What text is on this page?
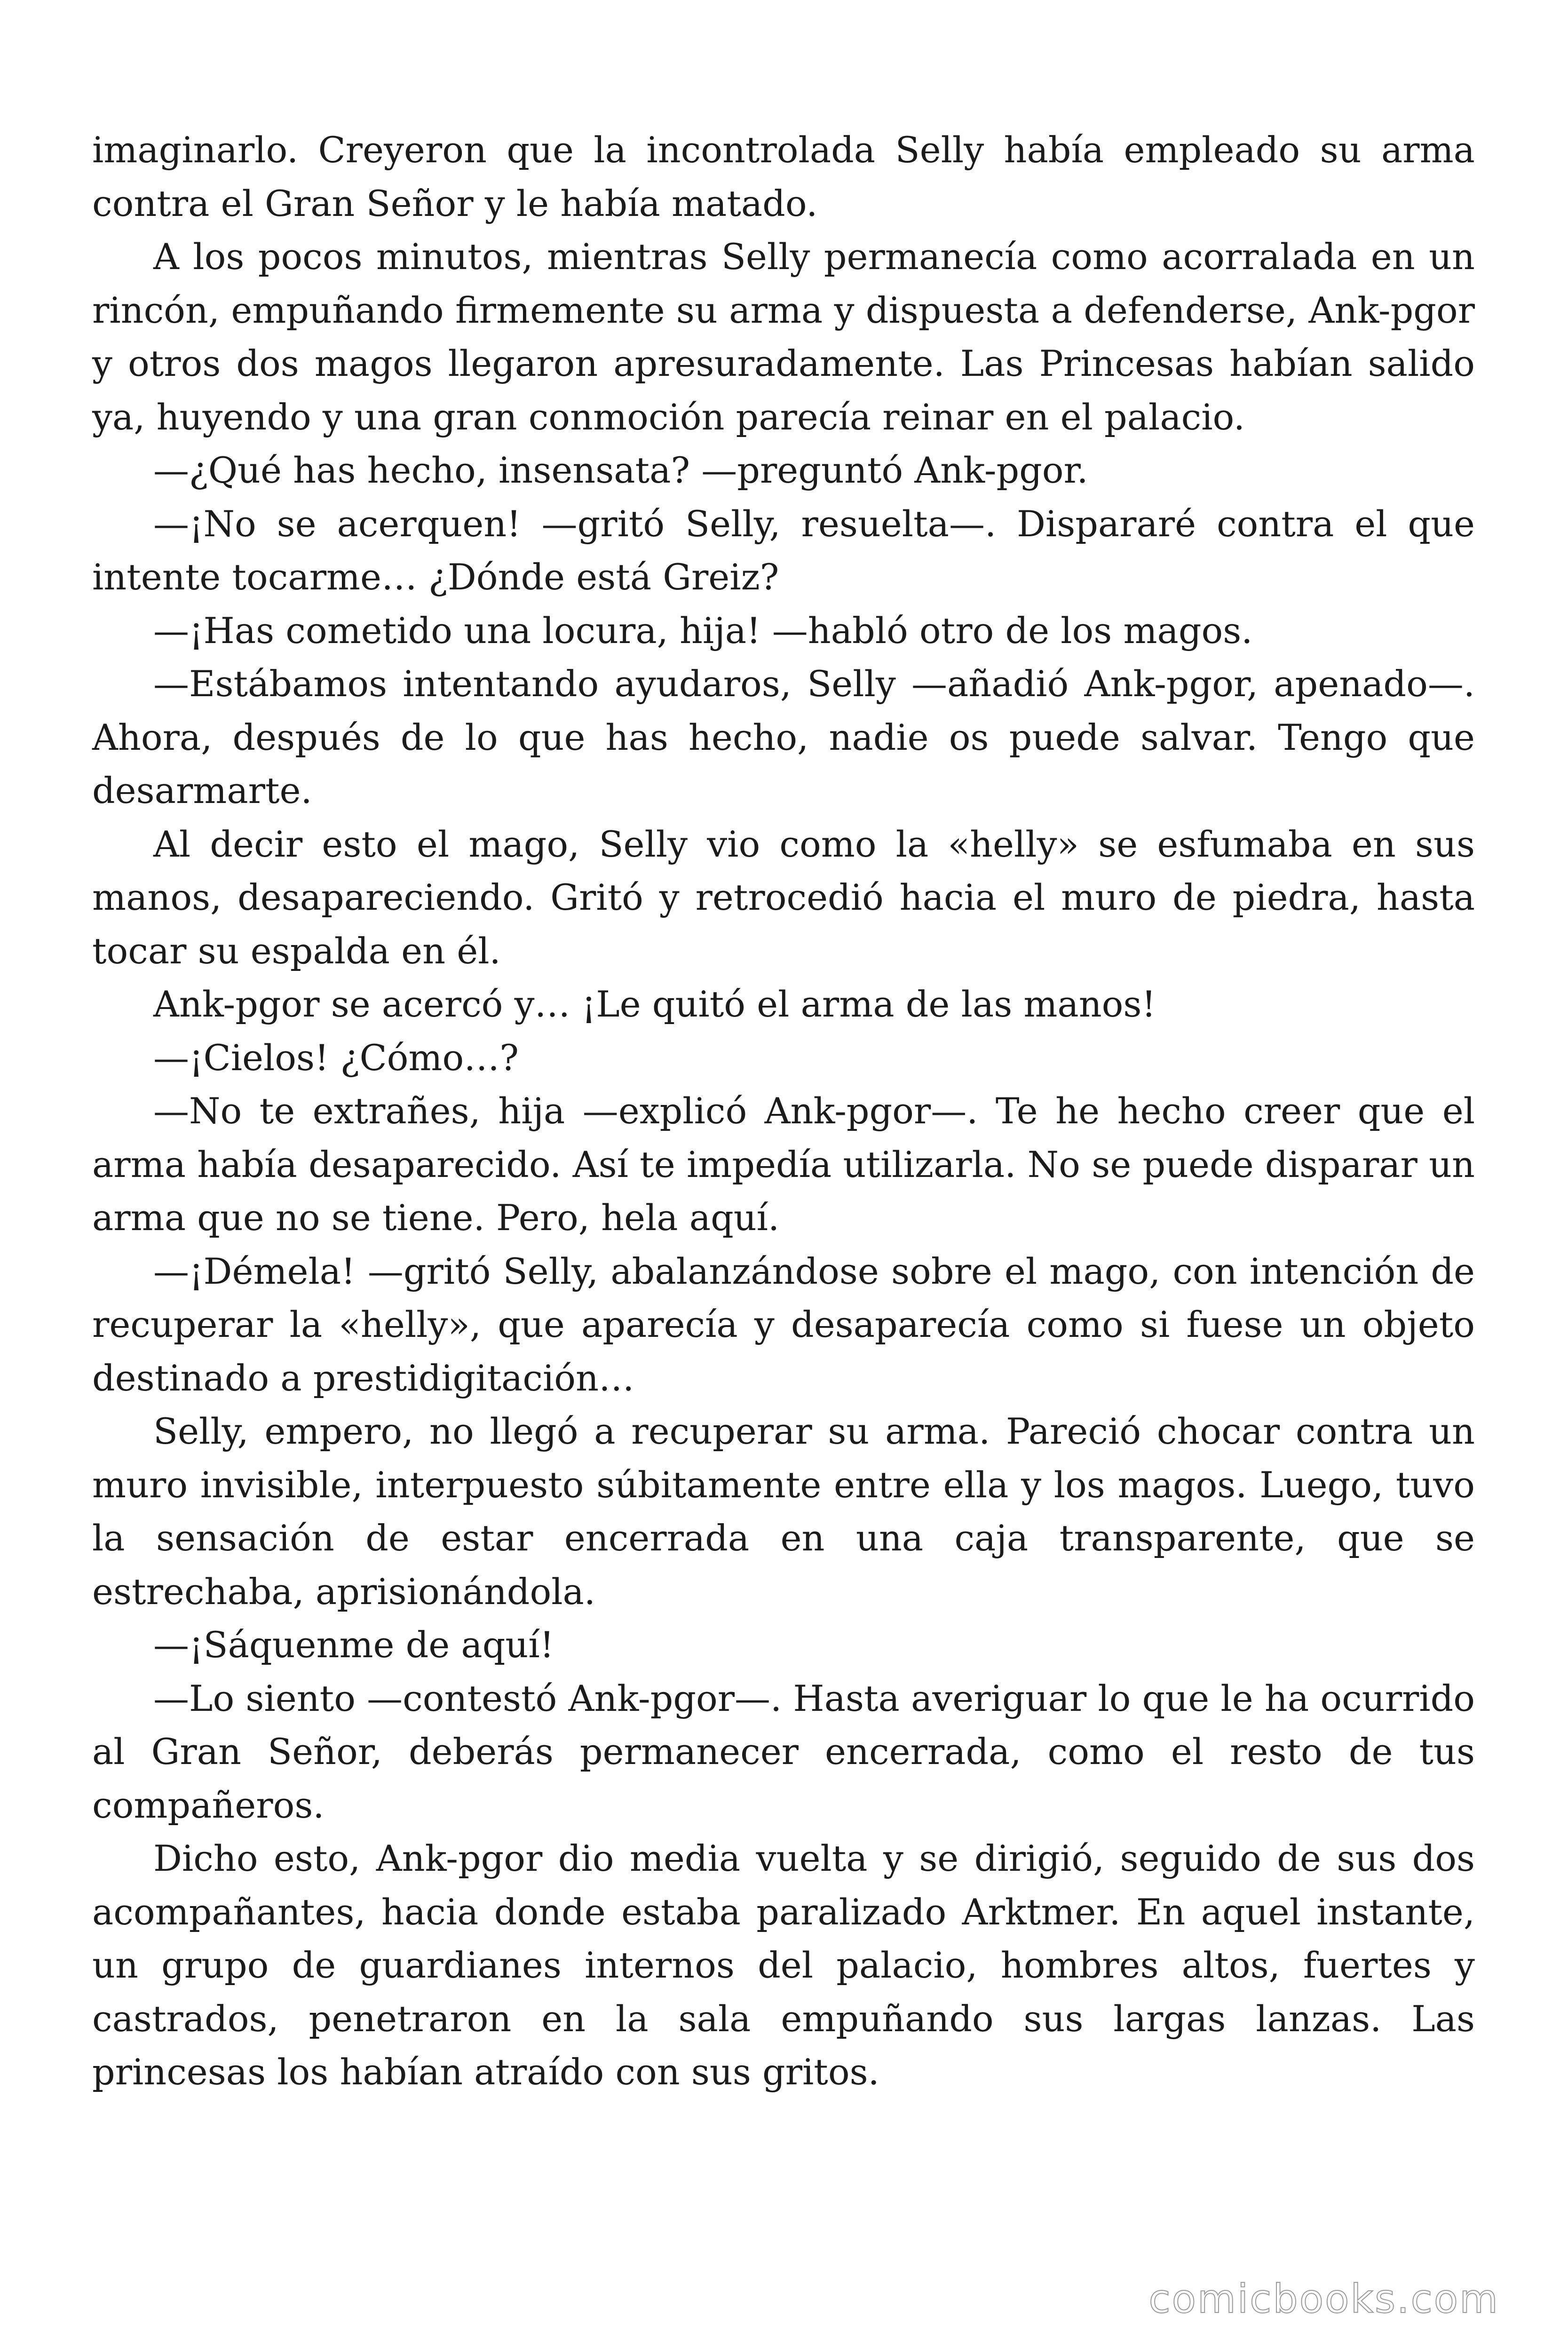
imaginarlo. Creyeron que la incontrolada Selly había empleado su arma contra el Gran Señor y le había matado.

A los pocos minutos, mientras Selly permanecía como acorralada en un rincón, empuñando firmemente su arma y dispuesta a defenderse, Ank-pgor y otros dos magos llegaron apresuradamente. Las Princesas habían salido ya, huyendo y una gran conmoción parecía reinar en el palacio.

—¿Qué has hecho, insensata? —preguntó Ank-pgor.

—¡No se acerquen! —gritó Selly, resuelta—. Dispararé contra el que intente tocarme… ¿Dónde está Greiz?

—¡Has cometido una locura, hija! —habló otro de los magos.

—Estábamos intentando ayudaros, Selly —añadió Ank-pgor, apenado—. Ahora, después de lo que has hecho, nadie os puede salvar. Tengo que desarmarte.

Al decir esto el mago, Selly vio como la «helly» se esfumaba en sus manos, desapareciendo. Gritó y retrocedió hacia el muro de piedra, hasta tocar su espalda en él.

Ank-pgor se acercó y… ¡Le quitó el arma de las manos!

—¡Cielos! ¿Cómo…?

—No te extrañes, hija —explicó Ank-pgor—. Te he hecho creer que el arma había desaparecido. Así te impedía utilizarla. No se puede disparar un arma que no se tiene. Pero, hela aquí.

—¡Démela! —gritó Selly, abalanzándose sobre el mago, con intención de recuperar la «helly», que aparecía y desaparecía como si fuese un objeto destinado a prestidigitación…

Selly, empero, no llegó a recuperar su arma. Pareció chocar contra un muro invisible, interpuesto súbitamente entre ella y los magos. Luego, tuvo la sensación de estar encerrada en una caja transparente, que se estrechaba, aprisionándola.

—¡Sáquenme de aquí!

—Lo siento —contestó Ank-pgor—. Hasta averiguar lo que le ha ocurrido al Gran Señor, deberás permanecer encerrada, como el resto de tus compañeros.

Dicho esto, Ank-pgor dio media vuelta y se dirigió, seguido de sus dos acompañantes, hacia donde estaba paralizado Arktmer. En aquel instante, un grupo de guardianes internos del palacio, hombres altos, fuertes y castrados, penetraron en la sala empuñando sus largas lanzas. Las princesas los habían atraído con sus gritos.

comicbooks.com
